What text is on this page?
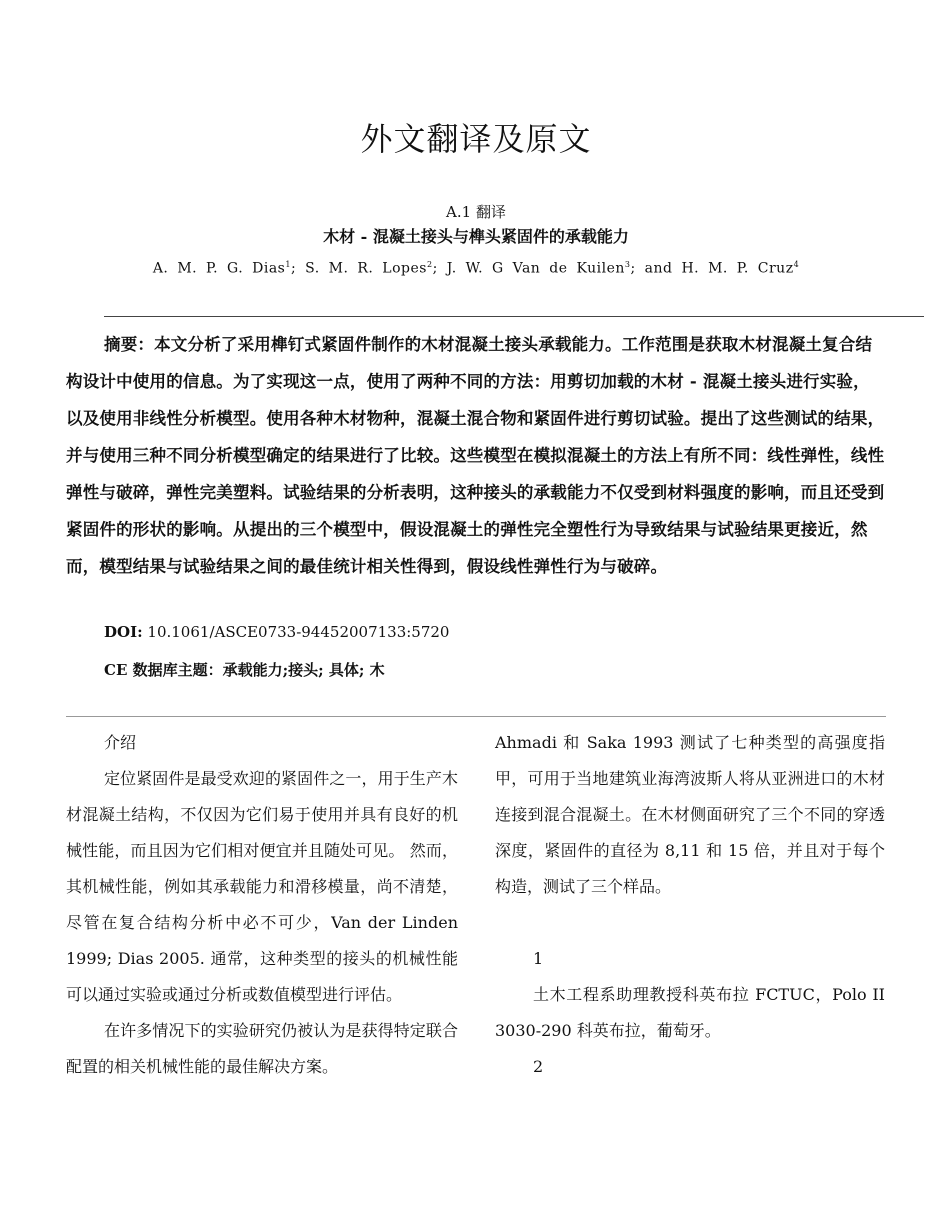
外文翻译及原文
A.1 翻译
木材 - 混凝土接头与榫头紧固件的承载能力
A. M. P. G. Dias$^1$; S. M. R. Lopes$^2$; J. W. G Van de Kuilen$^3$; and H. M. P. Cruz$^4$
摘要：本文分析了采用榫钉式紧固件制作的木材混凝土接头承载能力。工作范围是获取木材混凝土复合结构设计中使用的信息。为了实现这一点，使用了两种不同的方法：用剪切加载的木材 - 混凝土接头进行实验，以及使用非线性分析模型。使用各种木材物种，混凝土混合物和紧固件进行剪切试验。提出了这些测试的结果，并与使用三种不同分析模型确定的结果进行了比较。这些模型在模拟混凝土的方法上有所不同：线性弹性，线性弹性与破碎，弹性完美塑料。试验结果的分析表明，这种接头的承载能力不仅受到材料强度的影响，而且还受到紧固件的形状的影响。从提出的三个模型中，假设混凝土的弹性完全塑性行为导致结果与试验结果更接近，然而，模型结果与试验结果之间的最佳统计相关性得到，假设线性弹性行为与破碎。
DOI: 10.1061/ASCE0733-94452007133:5720
CE 数据库主题：承载能力;接头; 具体; 木

介绍

定位紧固件是最受欢迎的紧固件之一，用于生产木材混凝土结构，不仅因为它们易于使用并具有良好的机械性能，而且因为它们相对便宜并且随处可见。 然而，其机械性能，例如其承载能力和滑移模量，尚不清楚，尽管在复合结构分析中必不可少，Van der Linden 1999; Dias 2005. 通常，这种类型的接头的机械性能可以通过实验或通过分析或数值模型进行评估。

在许多情况下的实验研究仍被认为是获得特定联合配置的相关机械性能的最佳解决方案。

Ahmadi 和 Saka 1993 测试了七种类型的高强度指甲，可用于当地建筑业海湾波斯人将从亚洲进口的木材连接到混合混凝土。在木材侧面研究了三个不同的穿透深度，紧固件的直径为 8,11 和 15 倍，并且对于每个构造，测试了三个样品。

1

土木工程系助理教授科英布拉 FCTUC，Polo II 3030-290 科英布拉，葡萄牙。

2
